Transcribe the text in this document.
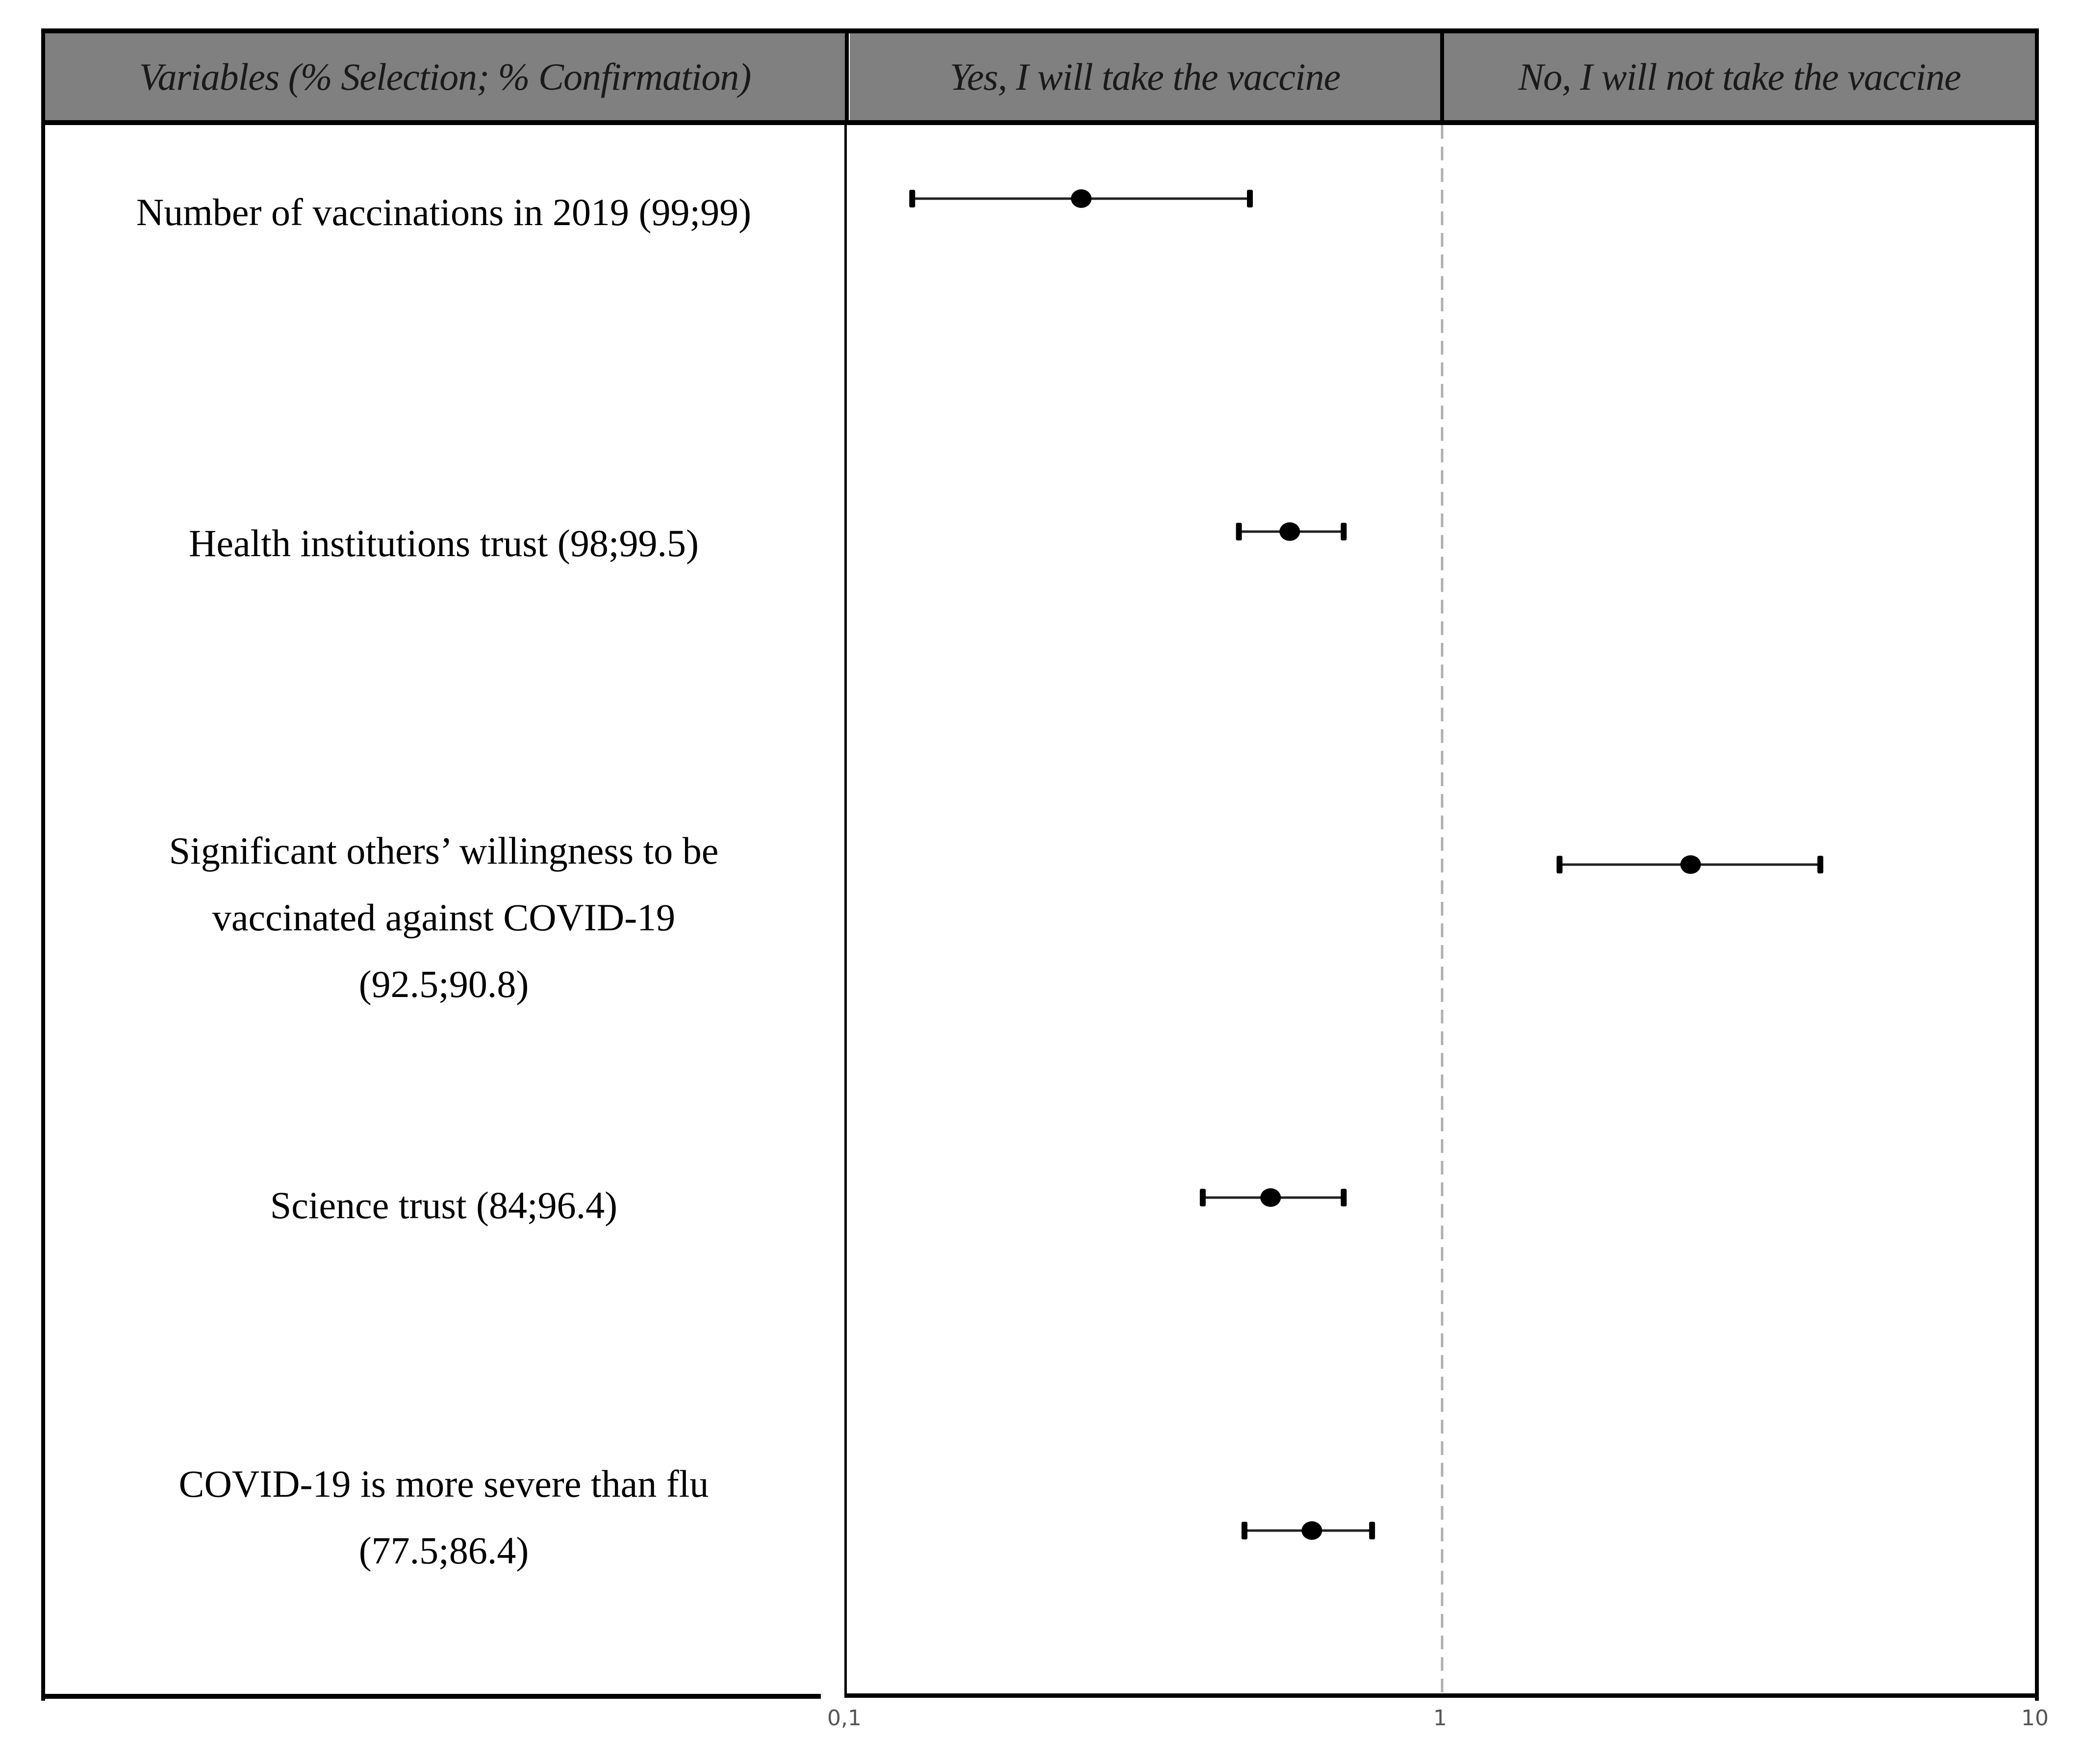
Variables (% Selection; % Confirmation)	Yes, I will take the vaccine	No, I will not take the vaccine
Number of vaccinations in 2019 (99;99)
Health institutions trust (98;99.5)
Significant others’ willingness to be
vaccinated against COVID-19
(92.5;90.8)
Science trust (84;96.4)
COVID-19 is more severe than flu
(77.5;86.4)
0,1	1	10
